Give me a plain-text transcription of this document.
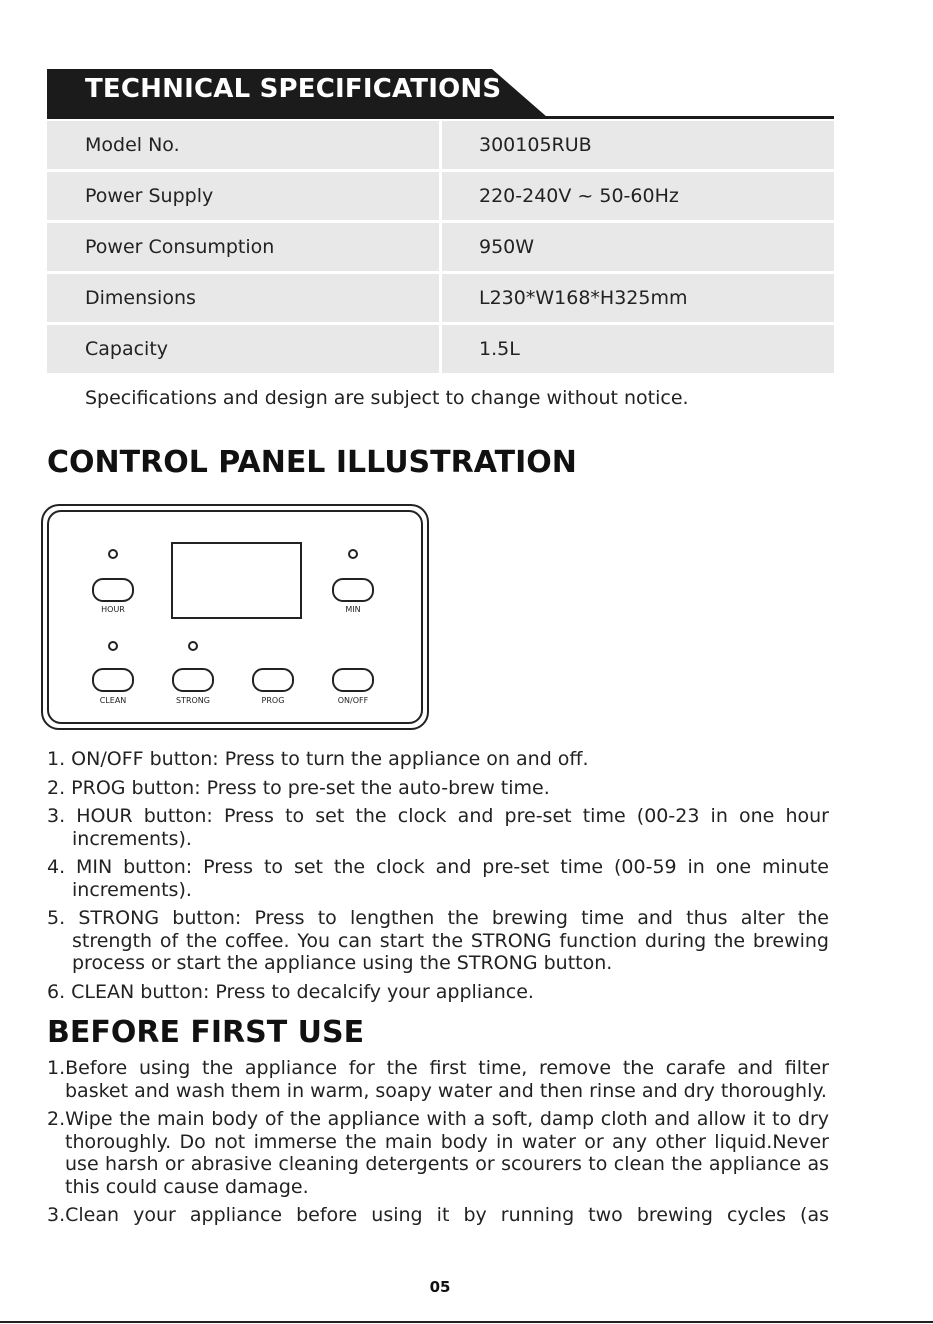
TECHNICAL SPECIFICATIONS
Model No.	300105RUB
Power Supply	220-240V ~ 50-60Hz
Power Consumption	950W
Dimensions	L230*W168*H325mm
Capacity	1.5L
Specifications and design are subject to change without notice.
CONTROL PANEL ILLUSTRATION
HOUR	MIN
CLEAN	STRONG	PROG	ON/OFF
1. ON/OFF button: Press to turn the appliance on and off.
2. PROG button: Press to pre-set the auto-brew time.
3. HOUR button: Press to set the clock and pre-set time (00-23 in one hour increments).
4. MIN button: Press to set the clock and pre-set time (00-59 in one minute increments).
5. STRONG button: Press to lengthen the brewing time and thus alter the strength of the coffee. You can start the STRONG function during the brewing process or start the appliance using the STRONG button.
6. CLEAN button: Press to decalcify your appliance.
BEFORE FIRST USE
1.Before using the appliance for the first time, remove the carafe and filter basket and wash them in warm, soapy water and then rinse and dry thoroughly.
2.Wipe the main body of the appliance with a soft, damp cloth and allow it to dry thoroughly. Do not immerse the main body in water or any other liquid.Never use harsh or abrasive cleaning detergents or scourers to clean the appliance as this could cause damage.
3.Clean your appliance before using it by running two brewing cycles (as
05
